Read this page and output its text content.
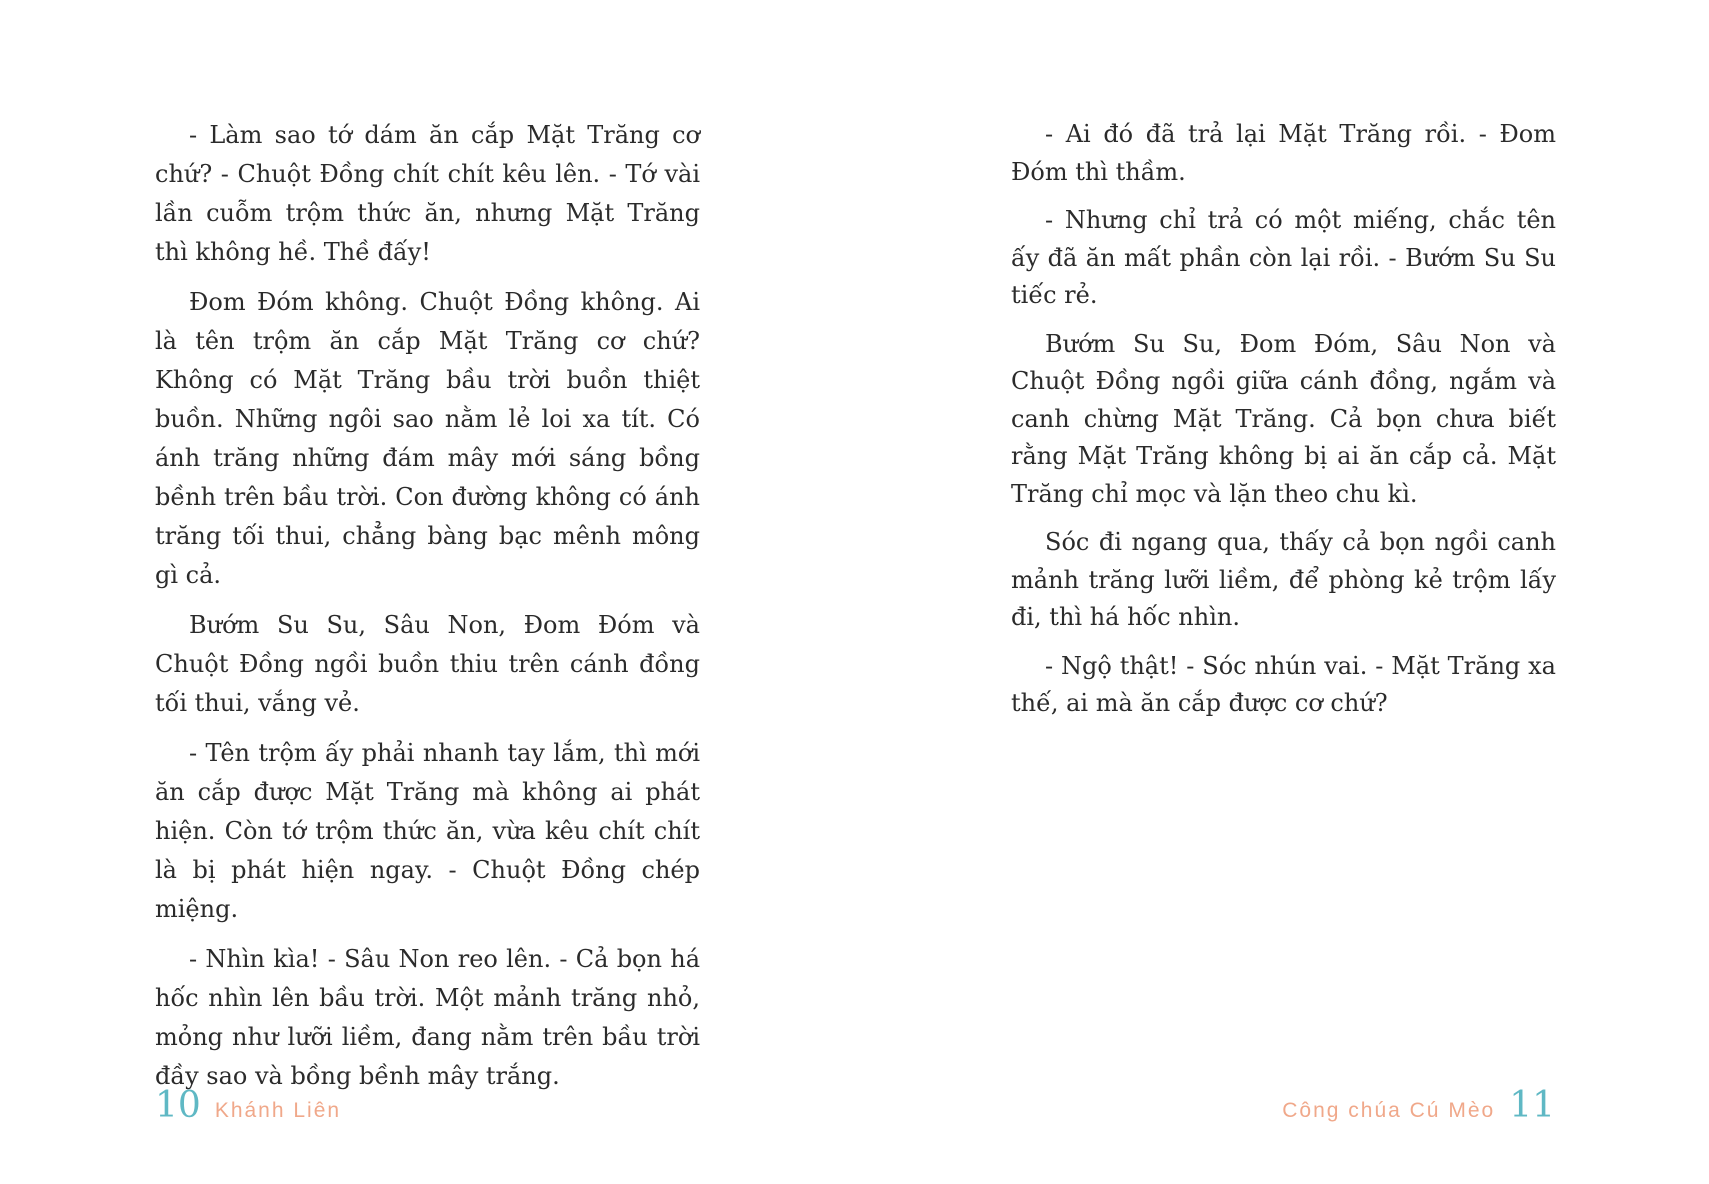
- Làm sao tớ dám ăn cắp Mặt Trăng cơ chứ? - Chuột Đồng chít chít kêu lên. - Tớ vài lần cuỗm trộm thức ăn, nhưng Mặt Trăng thì không hề. Thề đấy!

Đom Đóm không. Chuột Đồng không. Ai là tên trộm ăn cắp Mặt Trăng cơ chứ? Không có Mặt Trăng bầu trời buồn thiệt buồn. Những ngôi sao nằm lẻ loi xa tít. Có ánh trăng những đám mây mới sáng bồng bềnh trên bầu trời. Con đường không có ánh trăng tối thui, chẳng bàng bạc mênh mông gì cả.

Bướm Su Su, Sâu Non, Đom Đóm và Chuột Đồng ngồi buồn thiu trên cánh đồng tối thui, vắng vẻ.

- Tên trộm ấy phải nhanh tay lắm, thì mới ăn cắp được Mặt Trăng mà không ai phát hiện. Còn tớ trộm thức ăn, vừa kêu chít chít là bị phát hiện ngay. - Chuột Đồng chép miệng.

- Nhìn kìa! - Sâu Non reo lên. - Cả bọn há hốc nhìn lên bầu trời. Một mảnh trăng nhỏ, mỏng như lưỡi liềm, đang nằm trên bầu trời đầy sao và bồng bềnh mây trắng.

10 Khánh Liên

- Ai đó đã trả lại Mặt Trăng rồi. - Đom Đóm thì thầm.

- Nhưng chỉ trả có một miếng, chắc tên ấy đã ăn mất phần còn lại rồi. - Bướm Su Su tiếc rẻ.

Bướm Su Su, Đom Đóm, Sâu Non và Chuột Đồng ngồi giữa cánh đồng, ngắm và canh chừng Mặt Trăng. Cả bọn chưa biết rằng Mặt Trăng không bị ai ăn cắp cả. Mặt Trăng chỉ mọc và lặn theo chu kì.

Sóc đi ngang qua, thấy cả bọn ngồi canh mảnh trăng lưỡi liềm, để phòng kẻ trộm lấy đi, thì há hốc nhìn.

- Ngộ thật! - Sóc nhún vai. - Mặt Trăng xa thế, ai mà ăn cắp được cơ chứ?

Công chúa Cú Mèo 11
